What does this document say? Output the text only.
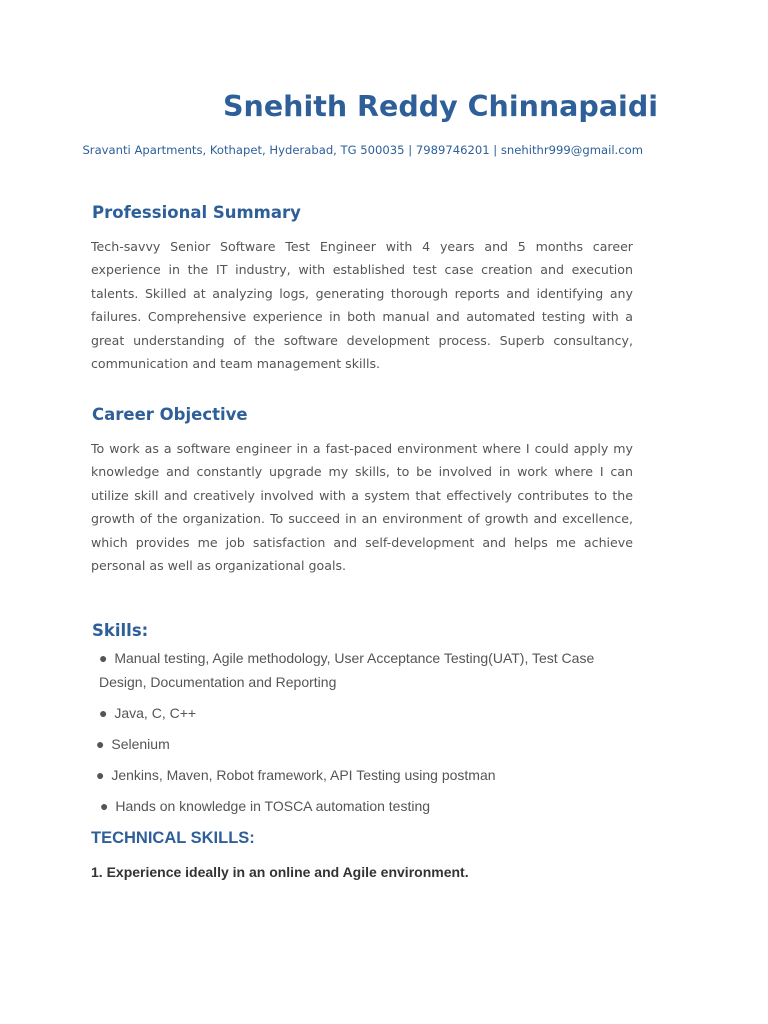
Snehith Reddy Chinnapaidi

Sravanti Apartments, Kothapet, Hyderabad, TG 500035 | 7989746201 | snehithr999@gmail.com

Professional Summary

Tech-savvy Senior Software Test Engineer with 4 years and 5 months career experience in the IT industry, with established test case creation and execution talents. Skilled at analyzing logs, generating thorough reports and identifying any failures. Comprehensive experience in both manual and automated testing with a great understanding of the software development process. Superb consultancy, communication and team management skills.

Career Objective

To work as a software engineer in a fast-paced environment where I could apply my knowledge and constantly upgrade my skills, to be involved in work where I can utilize skill and creatively involved with a system that effectively contributes to the growth of the organization. To succeed in an environment of growth and excellence, which provides me job satisfaction and self-development and helps me achieve personal as well as organizational goals.

Skills:
● Manual testing, Agile methodology, User Acceptance Testing(UAT), Test Case
Design, Documentation and Reporting
● Java, C, C++
● Selenium
● Jenkins, Maven, Robot framework, API Testing using postman
● Hands on knowledge in TOSCA automation testing
TECHNICAL SKILLS:

1. Experience ideally in an online and Agile environment.
